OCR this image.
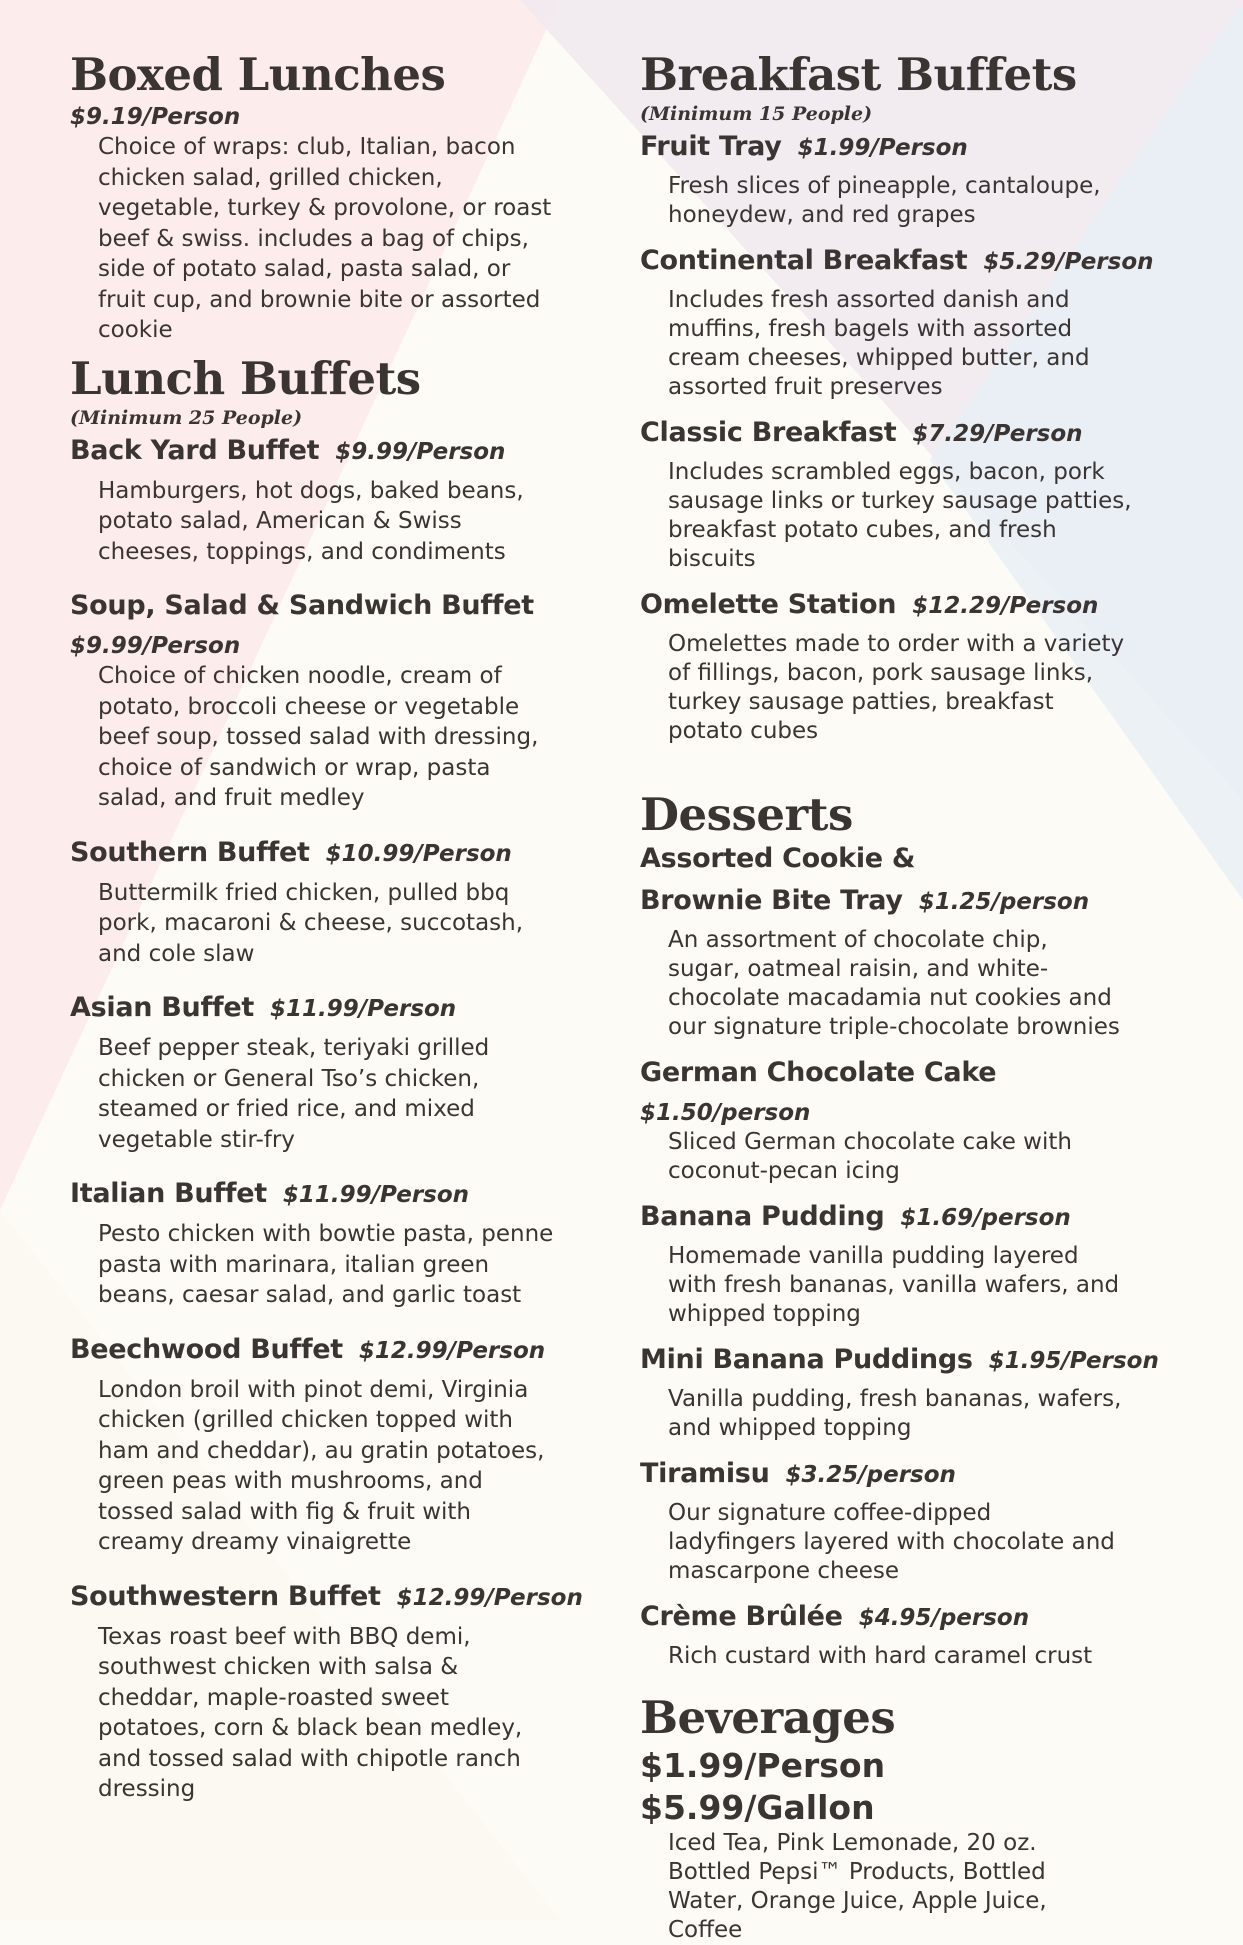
Boxed Lunches
$9.19/Person

Choice of wraps: club, Italian, bacon
chicken salad, grilled chicken,
vegetable, turkey & provolone, or roast
beef & swiss. includes a bag of chips,
side of potato salad, pasta salad, or
fruit cup, and brownie bite or assorted
cookie

Lunch Buffets

(Minimum 25 People)

Back Yard Buffet $9.99/Person

Hamburgers, hot dogs, baked beans,
potato salad, American & Swiss
cheeses, toppings, and condiments

Soup, Salad & Sandwich Buffet

$9.99/Person

Choice of chicken noodle, cream of
potato, broccoli cheese or vegetable
beef soup, tossed salad with dressing,
choice of sandwich or wrap, pasta
salad, and fruit medley

Southern Buffet $10.99/Person

Buttermilk fried chicken, pulled bbq
pork, macaroni & cheese, succotash,
and cole slaw

Asian Buffet $11.99/Person

Beef pepper steak, teriyaki grilled
chicken or General Tso’s chicken,
steamed or fried rice, and mixed
vegetable stir-fry

Italian Buffet $11.99/Person

Pesto chicken with bowtie pasta, penne
pasta with marinara, italian green
beans, caesar salad, and garlic toast

Beechwood Buffet $12.99/Person

London broil with pinot demi, Virginia
chicken (grilled chicken topped with
ham and cheddar), au gratin potatoes,
green peas with mushrooms, and
tossed salad with fig & fruit with
creamy dreamy vinaigrette

Southwestern Buffet $12.99/Person

Texas roast beef with BBQ demi,
southwest chicken with salsa &
cheddar, maple-roasted sweet
potatoes, corn & black bean medley,
and tossed salad with chipotle ranch
dressing

Breakfast Buffets

(Minimum 15 People)

Fruit Tray $1.99/Person

Fresh slices of pineapple, cantaloupe,
honeydew, and red grapes

Continental Breakfast $5.29/Person

Includes fresh assorted danish and
muffins, fresh bagels with assorted
cream cheeses, whipped butter, and
assorted fruit preserves

Classic Breakfast $7.29/Person

Includes scrambled eggs, bacon, pork
sausage links or turkey sausage patties,
breakfast potato cubes, and fresh
biscuits

Omelette Station $12.29/Person

Omelettes made to order with a variety
of fillings, bacon, pork sausage links,
turkey sausage patties, breakfast
potato cubes

Desserts

Assorted Cookie &

Brownie Bite Tray $1.25/person

An assortment of chocolate chip,
sugar, oatmeal raisin, and white-
chocolate macadamia nut cookies and
our signature triple-chocolate brownies

German Chocolate Cake

$1.50/person

Sliced German chocolate cake with
coconut-pecan icing

Banana Pudding $1.69/person

Homemade vanilla pudding layered
with fresh bananas, vanilla wafers, and
whipped topping

Mini Banana Puddings $1.95/Person

Vanilla pudding, fresh bananas, wafers,
and whipped topping

Tiramisu $3.25/person

Our signature coffee-dipped
ladyfingers layered with chocolate and
mascarpone cheese

Crème Brûlée $4.95/person

Rich custard with hard caramel crust

Beverages

$1.99/Person

$5.99/Gallon

Iced Tea, Pink Lemonade, 20 oz.
Bottled Pepsi™ Products, Bottled
Water, Orange Juice, Apple Juice,
Coffee
